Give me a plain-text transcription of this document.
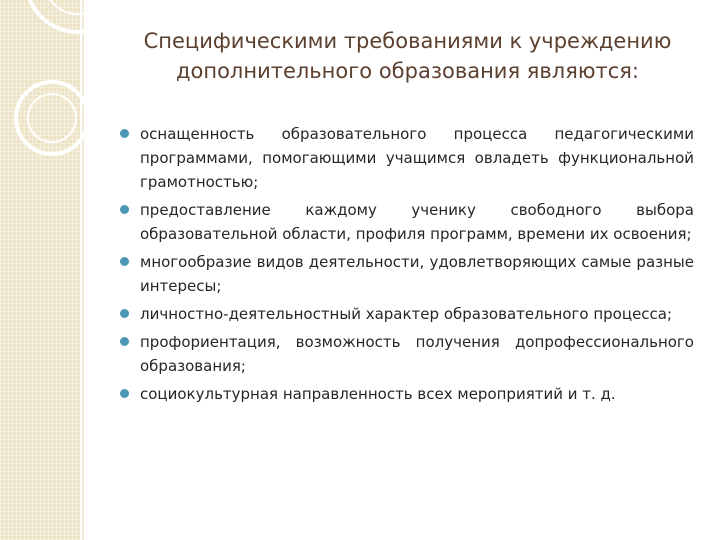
Специфическими требованиями к учреждению дополнительного образования являются:
оснащенность образовательного процесса педагогическими программами, помогающими учащимся овладеть функциональной грамотностью;
предоставление каждому ученику свободного выбора образовательной области, профиля программ, времени их освоения;
многообразие видов деятельности, удовлетворяющих самые разные интересы;
личностно-деятельностный характер образовательного процесса;
профориентация, возможность получения допрофессионального образования;
социокультурная направленность всех мероприятий и т. д.
